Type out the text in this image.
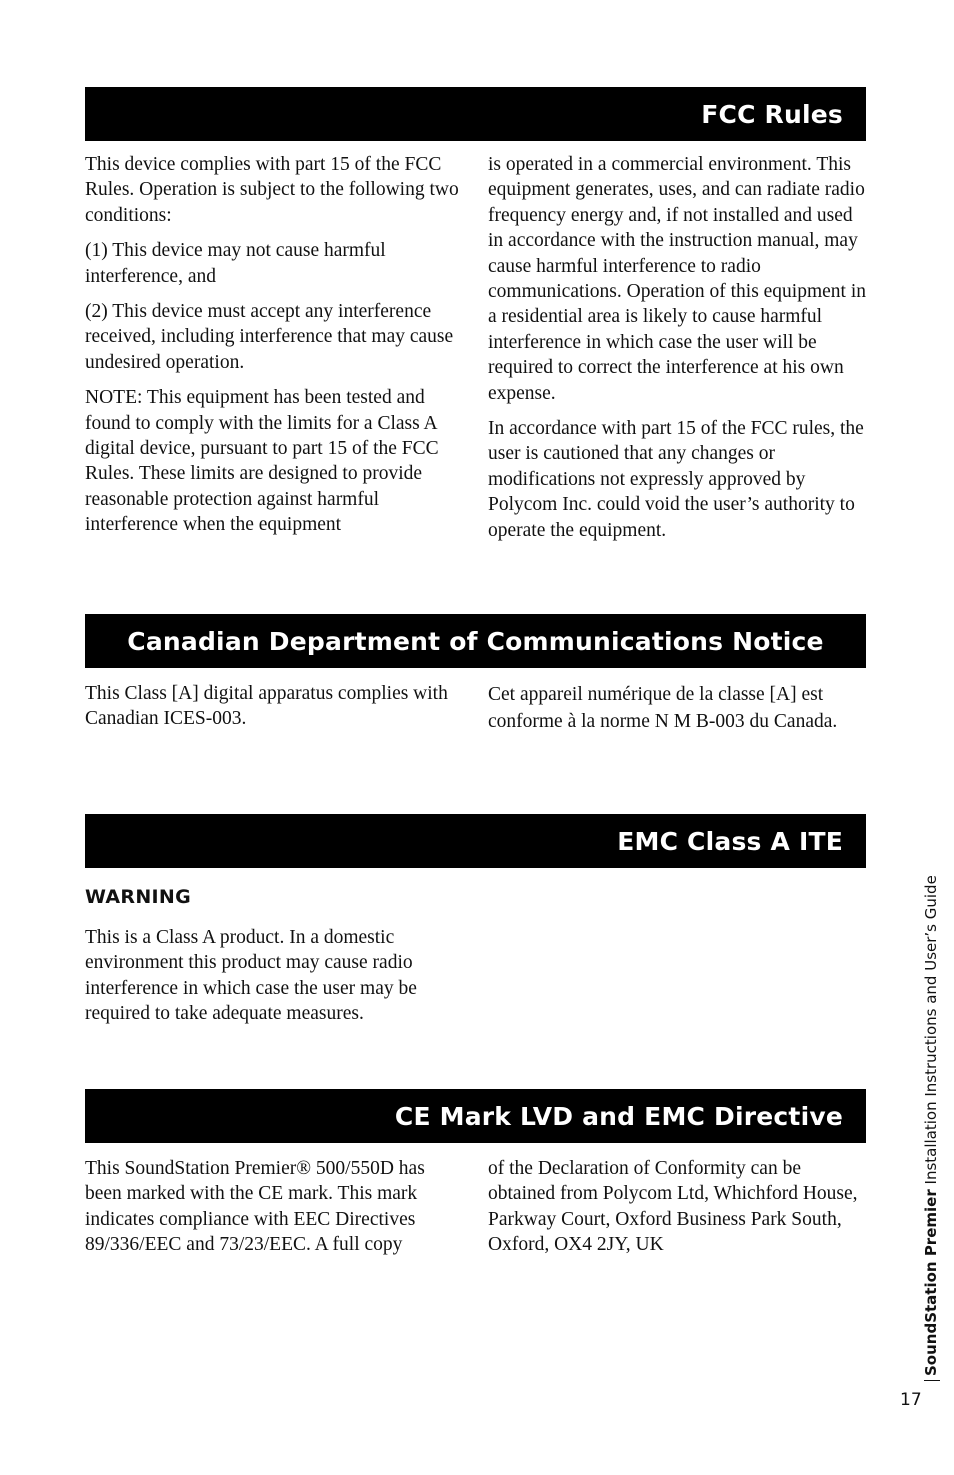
FCC Rules

This device complies with part 15 of the FCC Rules. Operation is subject to the following two conditions:

(1) This device may not cause harmful interference, and

(2) This device must accept any interference received, including interference that may cause undesired operation.

NOTE: This equipment has been tested and found to comply with the limits for a Class A digital device, pursuant to part 15 of the FCC Rules. These limits are designed to provide reasonable protection against harmful interference when the equipment

is operated in a commercial environment. This equipment generates, uses, and can radiate radio frequency energy and, if not installed and used in accordance with the instruction manual, may cause harmful interference to radio communications. Operation of this equipment in a residential area is likely to cause harmful interference in which case the user will be required to correct the interference at his own expense.

In accordance with part 15 of the FCC rules, the user is cautioned that any changes or modifications not expressly approved by Polycom Inc. could void the user’s authority to operate the equipment.

Canadian Department of Communications Notice

This Class [A] digital apparatus complies with Canadian ICES-003.

Cet appareil numérique de la classe [A] est conforme à la norme N M B-003 du Canada.

EMC Class A ITE
WARNING

This is a Class A product. In a domestic environment this product may cause radio interference in which case the user may be required to take adequate measures.

CE Mark LVD and EMC Directive

This SoundStation Premier® 500/550D has been marked with the CE mark. This mark indicates compliance with EEC Directives 89/336/EEC and 73/23/EEC. A full copy

of the Declaration of Conformity can be obtained from Polycom Ltd, Whichford House, Parkway Court, Oxford Business Park South, Oxford, OX4 2JY, UK	SoundStation Premier Installation Instructions and User’s Guide
17
